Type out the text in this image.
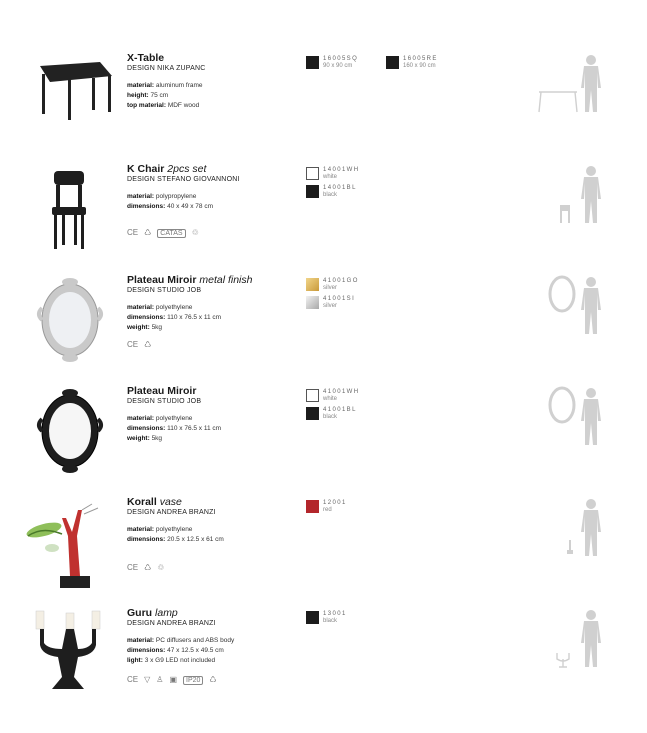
X-Table
DESIGN NIKA ZUPANC
material: aluminum frame
height: 75 cm
top material: MDF wood
16005SQ
90 x 90 cm
16005RE
160 x 90 cm
K Chair 2pcs set
DESIGN STEFANO GIOVANNONI
material: polypropylene
dimensions: 40 x 49 x 78 cm
CE ♺	CATAS	♲
14001WH
white
14001BL
black
Plateau Miroir metal finish
DESIGN STUDIO JOB
material: polyethylene
dimensions: 110 x 76.5 x 11 cm
weight: 5kg
CE ♺
41001GO
silver
41001SI
silver
Plateau Miroir
DESIGN STUDIO JOB
material: polyethylene
dimensions: 110 x 76.5 x 11 cm
weight: 5kg
41001WH
white
41001BL
black
Korall vase
DESIGN ANDREA BRANZI
material: polyethylene
dimensions: 20.5 x 12.5 x 61 cm
CE ♺ ♲
12001
red
Guru lamp
DESIGN ANDREA BRANZI
material: PC diffusers and ABS body
dimensions: 47 x 12.5 x 49.5 cm
light: 3 x G9 LED not included
CE ▽ ♙ ▣	IP20	♺
13001
black
